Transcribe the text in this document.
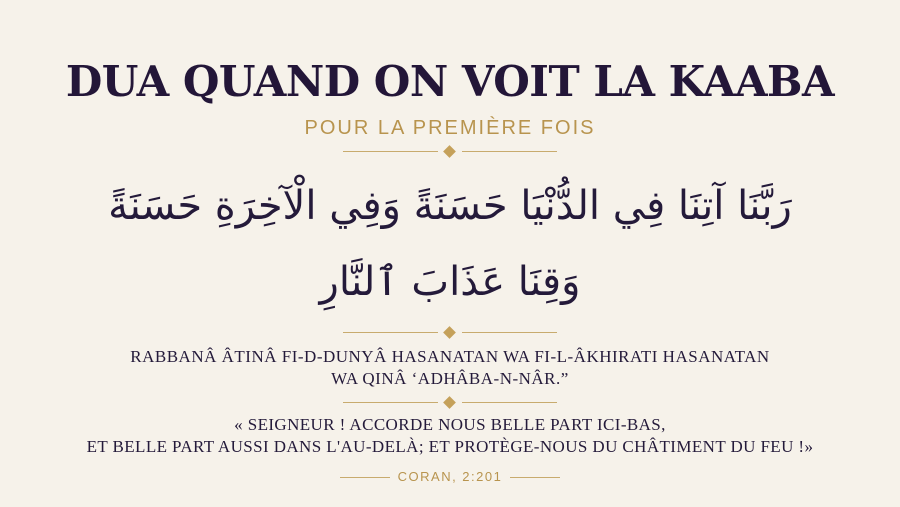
DUA QUAND ON VOIT LA KAABA
POUR LA PREMIÈRE FOIS
رَبَّنَا آتِنَا فِي الدُّنْيَا حَسَنَةً وَفِي الْآخِرَةِ حَسَنَةً
وَقِنَا عَذَابَ ٱلنَّارِ
RABBANÂ ÂTINÂ FI-D-DUNYÂ HASANATAN WA FI-L-ÂKHIRATI HASANATAN
WA QINÂ ‘ADHÂBA-N-NÂR.”
« SEIGNEUR ! ACCORDE NOUS BELLE PART ICI-BAS,
ET BELLE PART AUSSI DANS L'AU-DELÀ; ET PROTÈGE-NOUS DU CHÂTIMENT DU FEU !»
CORAN, 2:201
